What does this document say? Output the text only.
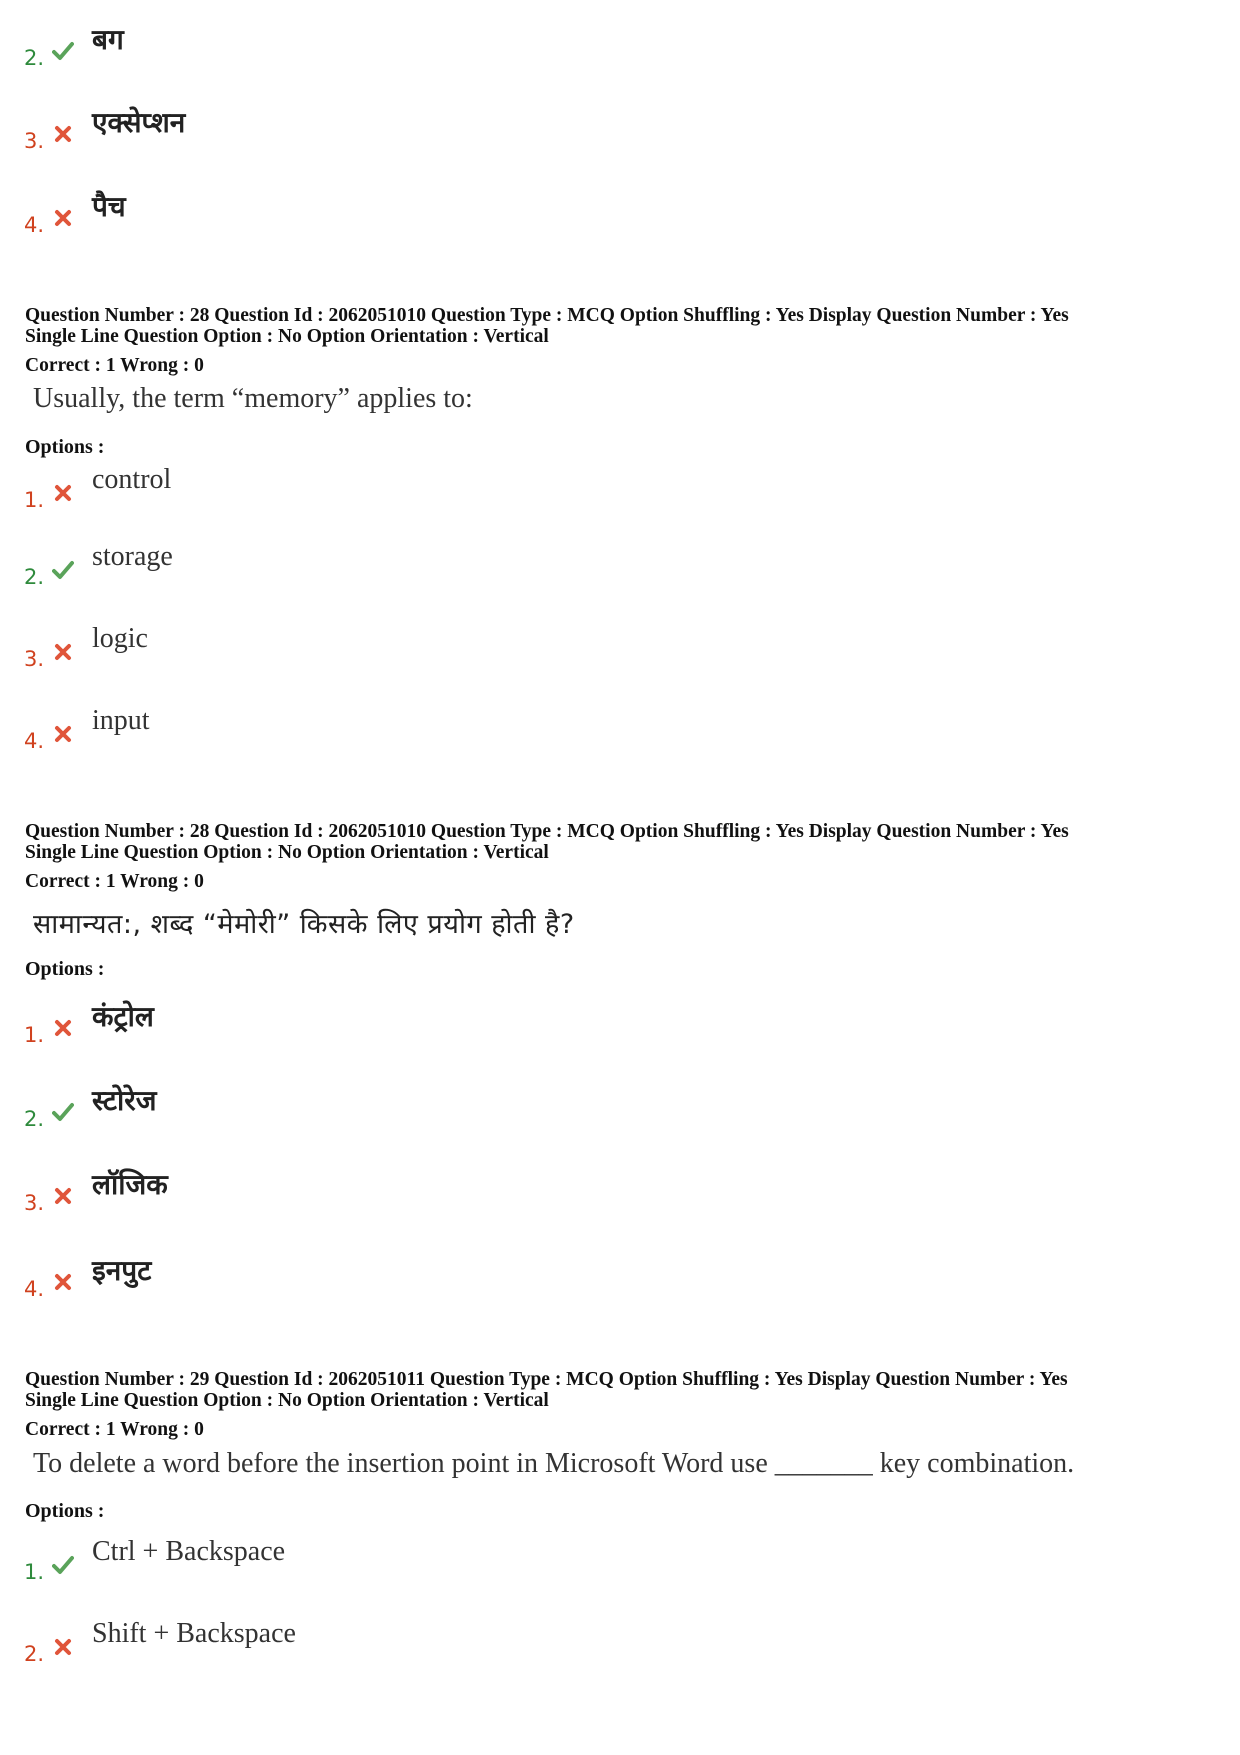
2.
बग
3.
एक्सेप्शन
4.
पैच
Question Number : 28 Question Id : 2062051010 Question Type : MCQ Option Shuffling : Yes Display Question Number : Yes
Single Line Question Option : No Option Orientation : Vertical
Correct : 1 Wrong : 0
Usually, the term “memory” applies to:
Options :
1.
control
2.
storage
3.
logic
4.
input
Question Number : 28 Question Id : 2062051010 Question Type : MCQ Option Shuffling : Yes Display Question Number : Yes
Single Line Question Option : No Option Orientation : Vertical
Correct : 1 Wrong : 0
सामान्यत:, शब्द “मेमोरी” किसके लिए प्रयोग होती है?
Options :
1.
कंट्रोल
2.
स्टोरेज
3.
लॉजिक
4.
इनपुट
Question Number : 29 Question Id : 2062051011 Question Type : MCQ Option Shuffling : Yes Display Question Number : Yes
Single Line Question Option : No Option Orientation : Vertical
Correct : 1 Wrong : 0
To delete a word before the insertion point in Microsoft Word use _______ key combination.
Options :
1.
Ctrl + Backspace
2.
Shift + Backspace
